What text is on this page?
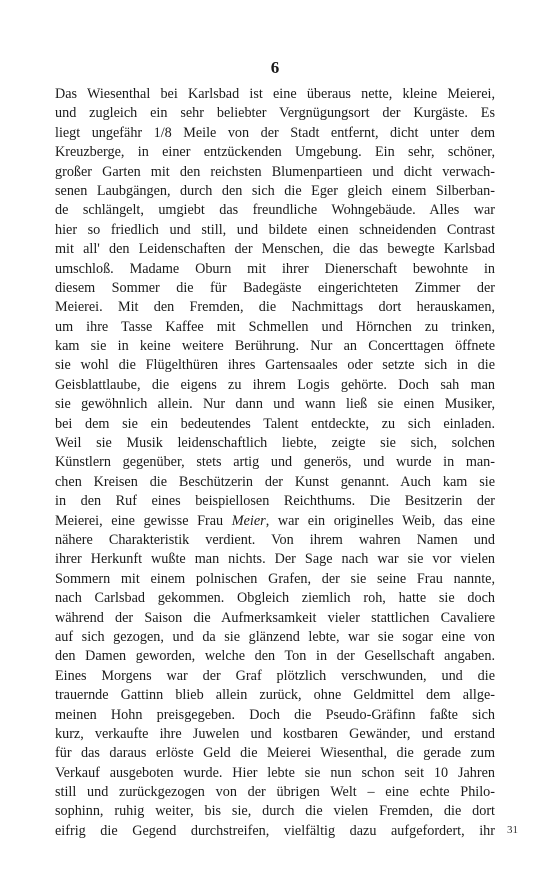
6
Das Wiesenthal bei Karlsbad ist eine überaus nette, kleine Meierei,
und zugleich ein sehr beliebter Vergnügungsort der Kurgäste. Es
liegt ungefähr 1/8 Meile von der Stadt entfernt, dicht unter dem
Kreuzberge, in einer entzückenden Umgebung. Ein sehr, schöner,
großer Garten mit den reichsten Blumenpartieen und dicht verwach-
senen Laubgängen, durch den sich die Eger gleich einem Silberban-
de schlängelt, umgiebt das freundliche Wohngebäude. Alles war
hier so friedlich und still, und bildete einen schneidenden Contrast
mit all' den Leidenschaften der Menschen, die das bewegte Karlsbad
umschloß. Madame Oburn mit ihrer Dienerschaft bewohnte in
diesem Sommer die für Badegäste eingerichteten Zimmer der
Meierei. Mit den Fremden, die Nachmittags dort herauskamen,
um ihre Tasse Kaffee mit Schmellen und Hörnchen zu trinken,
kam sie in keine weitere Berührung. Nur an Concerttagen öffnete
sie wohl die Flügelthüren ihres Gartensaales oder setzte sich in die
Geisblattlaube, die eigens zu ihrem Logis gehörte. Doch sah man
sie gewöhnlich allein. Nur dann und wann ließ sie einen Musiker,
bei dem sie ein bedeutendes Talent entdeckte, zu sich einladen.
Weil sie Musik leidenschaftlich liebte, zeigte sie sich, solchen
Künstlern gegenüber, stets artig und generös, und wurde in man-
chen Kreisen die Beschützerin der Kunst genannt. Auch kam sie
in den Ruf eines beispiellosen Reichthums. Die Besitzerin der
Meierei, eine gewisse Frau Meier, war ein originelles Weib, das eine
nähere Charakteristik verdient. Von ihrem wahren Namen und
ihrer Herkunft wußte man nichts. Der Sage nach war sie vor vielen
Sommern mit einem polnischen Grafen, der sie seine Frau nannte,
nach Carlsbad gekommen. Obgleich ziemlich roh, hatte sie doch
während der Saison die Aufmerksamkeit vieler stattlichen Cavaliere
auf sich gezogen, und da sie glänzend lebte, war sie sogar eine von
den Damen geworden, welche den Ton in der Gesellschaft angaben.
Eines Morgens war der Graf plötzlich verschwunden, und die
trauernde Gattinn blieb allein zurück, ohne Geldmittel dem allge-
meinen Hohn preisgegeben. Doch die Pseudo-Gräfinn faßte sich
kurz, verkaufte ihre Juwelen und kostbaren Gewänder, und erstand
für das daraus erlöste Geld die Meierei Wiesenthal, die gerade zum
Verkauf ausgeboten wurde. Hier lebte sie nun schon seit 10 Jahren
still und zurückgezogen von der übrigen Welt – eine echte Philo-
sophinn, ruhig weiter, bis sie, durch die vielen Fremden, die dort
eifrig die Gegend durchstreifen, vielfältig dazu aufgefordert, ihr	31
